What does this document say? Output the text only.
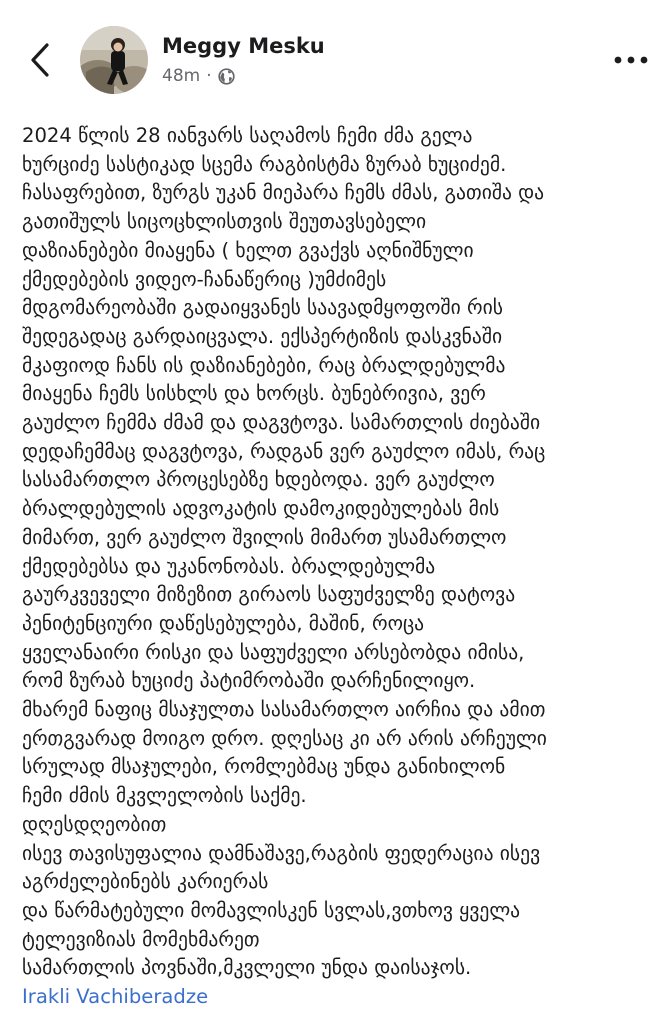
Meggy Mesku
48m ·
2024 წლის 28 იანვარს საღამოს ჩემი ძმა გელა
ხურციძე სასტიკად სცემა რაგბისტმა ზურაბ ხუციძემ.
ჩასაფრებით, ზურგს უკან მიეპარა ჩემს ძმას, გათიშა და
გათიშულს სიცოცხლისთვის შეუთავსებელი
დაზიანებები მიაყენა ( ხელთ გვაქვს აღნიშნული
ქმედებების ვიდეო-ჩანაწერიც )უმძიმეს
მდგომარეობაში გადაიყვანეს საავადმყოფოში რის
შედეგადაც გარდაიცვალა. ექსპერტიზის დასკვნაში
მკაფიოდ ჩანს ის დაზიანებები, რაც ბრალდებულმა
მიაყენა ჩემს სისხლს და ხორცს. ბუნებრივია, ვერ
გაუძლო ჩემმა ძმამ და დაგვტოვა. სამართლის ძიებაში
დედაჩემმაც დაგვტოვა, რადგან ვერ გაუძლო იმას, რაც
სასამართლო პროცესებზე ხდებოდა. ვერ გაუძლო
ბრალდებულის ადვოკატის დამოკიდებულებას მის
მიმართ, ვერ გაუძლო შვილის მიმართ უსამართლო
ქმედებებსა და უკანონობას. ბრალდებულმა
გაურკვეველი მიზეზით გირაოს საფუძველზე დატოვა
პენიტენციური დაწესებულება, მაშინ, როცა
ყველანაირი რისკი და საფუძველი არსებობდა იმისა,
რომ ზურაბ ხუციძე პატიმრობაში დარჩენილიყო.
მხარემ ნაფიც მსაჯულთა სასამართლო აირჩია და ამით
ერთგვარად მოიგო დრო. დღესაც კი არ არის არჩეული
სრულად მსაჯულები, რომლებმაც უნდა განიხილონ
ჩემი ძმის მკვლელობის საქმე.
დღესდღეობით
ისევ თავისუფალია დამნაშავე,რაგბის ფედერაცია ისევ
აგრძელებინებს კარიერას
და წარმატებული მომავლისკენ სვლას,ვთხოვ ყველა
ტელევიზიას მომეხმარეთ
სამართლის პოვნაში,მკვლელი უნდა დაისაჯოს.
Irakli Vachiberadze
